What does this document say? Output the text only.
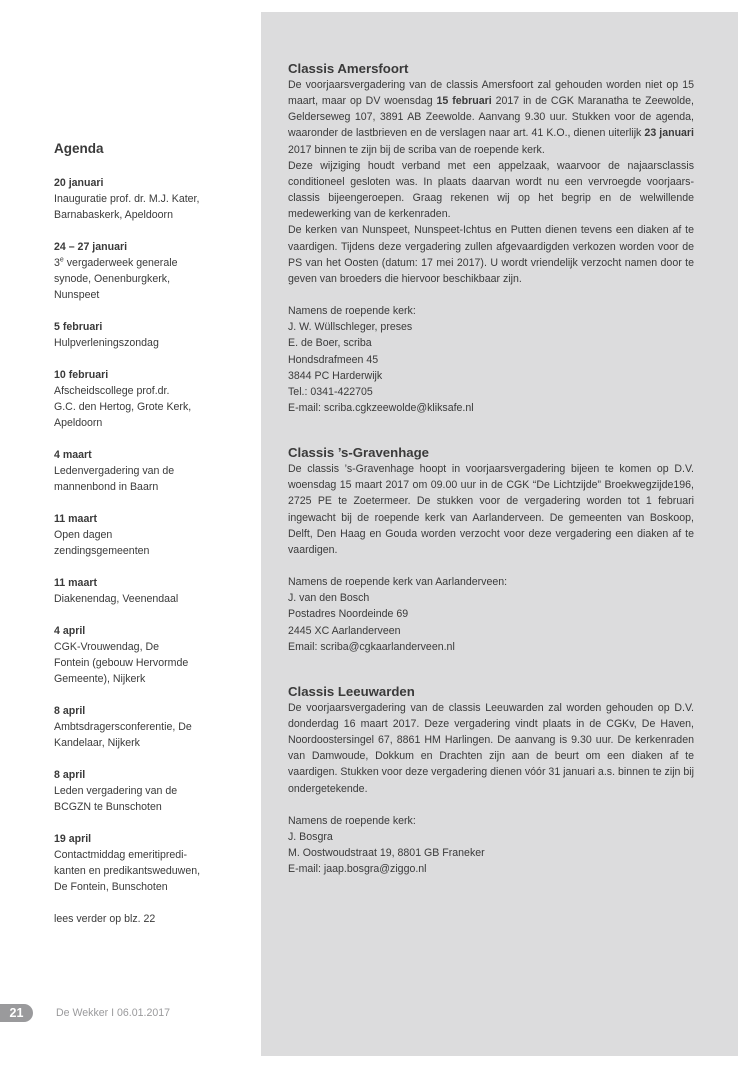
Agenda
20 januari
Inauguratie prof. dr. M.J. Kater,
Barnabaskerk, Apeldoorn
24 – 27 januari
3e vergaderweek generale
synode, Oenenburgkerk,
Nunspeet
5 februari
Hulpverleningszondag
10 februari
Afscheidscollege prof.dr.
G.C. den Hertog, Grote Kerk,
Apeldoorn
4 maart
Ledenvergadering van de
mannenbond in Baarn
11 maart
Open dagen
zendingsgemeenten
11 maart
Diakenendag, Veenendaal
4 april
CGK-Vrouwendag, De
Fontein (gebouw Hervormde
Gemeente), Nijkerk
8 april
Ambtsdragersconferentie, De
Kandelaar, Nijkerk
8 april
Leden vergadering van de
BCGZN te Bunschoten
19 april
Contactmiddag emeritipredi-
kanten en predikantsweduwen,
De Fontein, Bunschoten
lees verder op blz. 22
Classis Amersfoort

De voorjaarsvergadering van de classis Amersfoort zal gehouden worden niet op 15 maart, maar op DV woensdag 15 februari 2017 in de CGK Maranatha te Zeewolde, Gelderseweg 107, 3891 AB Zeewolde. Aanvang 9.30 uur. Stukken voor de agenda, waaronder de lastbrieven en de verslagen naar art. 41 K.O., dienen uiterlijk 23 januari 2017 binnen te zijn bij de scriba van de roepende kerk.

Deze wijziging houdt verband met een appelzaak, waarvoor de najaarsclassis conditioneel gesloten was. In plaats daarvan wordt nu een vervroegde voorjaars-classis bijeengeroepen. Graag rekenen wij op het begrip en de welwillende medewerking van de kerkenraden.

De kerken van Nunspeet, Nunspeet-Ichtus en Putten dienen tevens een diaken af te vaardigen. Tijdens deze vergadering zullen afgevaardigden verkozen worden voor de PS van het Oosten (datum: 17 mei 2017). U wordt vriendelijk verzocht namen door te geven van broeders die hiervoor beschikbaar zijn.

Namens de roepende kerk:
J. W. Wüllschleger, preses
E. de Boer, scriba
Hondsdrafmeen 45
3844 PC Harderwijk
Tel.: 0341-422705
E-mail: scriba.cgkzeewolde@kliksafe.nl
Classis ’s-Gravenhage

De classis ’s-Gravenhage hoopt in voorjaarsvergadering bijeen te komen op D.V. woensdag 15 maart 2017 om 09.00 uur in de CGK “De Lichtzijde” Broekwegzijde196, 2725 PE te Zoetermeer. De stukken voor de vergadering worden tot 1 februari ingewacht bij de roepende kerk van Aarlanderveen. De gemeenten van Boskoop, Delft, Den Haag en Gouda worden verzocht voor deze vergadering een diaken af te vaardigen.

Namens de roepende kerk van Aarlanderveen:
J. van den Bosch
Postadres Noordeinde 69
2445 XC Aarlanderveen
Email: scriba@cgkaarlanderveen.nl
Classis Leeuwarden

De voorjaarsvergadering van de classis Leeuwarden zal worden gehouden op D.V. donderdag 16 maart 2017. Deze vergadering vindt plaats in de CGKv, De Haven, Noordoostersingel 67, 8861 HM Harlingen. De aanvang is 9.30 uur. De kerkenraden van Damwoude, Dokkum en Drachten zijn aan de beurt om een diaken af te vaardigen. Stukken voor deze vergadering dienen vóór 31 januari a.s. binnen te zijn bij ondergetekende.

Namens de roepende kerk:
J. Bosgra
M. Oostwoudstraat 19, 8801 GB Franeker
E-mail: jaap.bosgra@ziggo.nl
21	De Wekker I 06.01.2017
